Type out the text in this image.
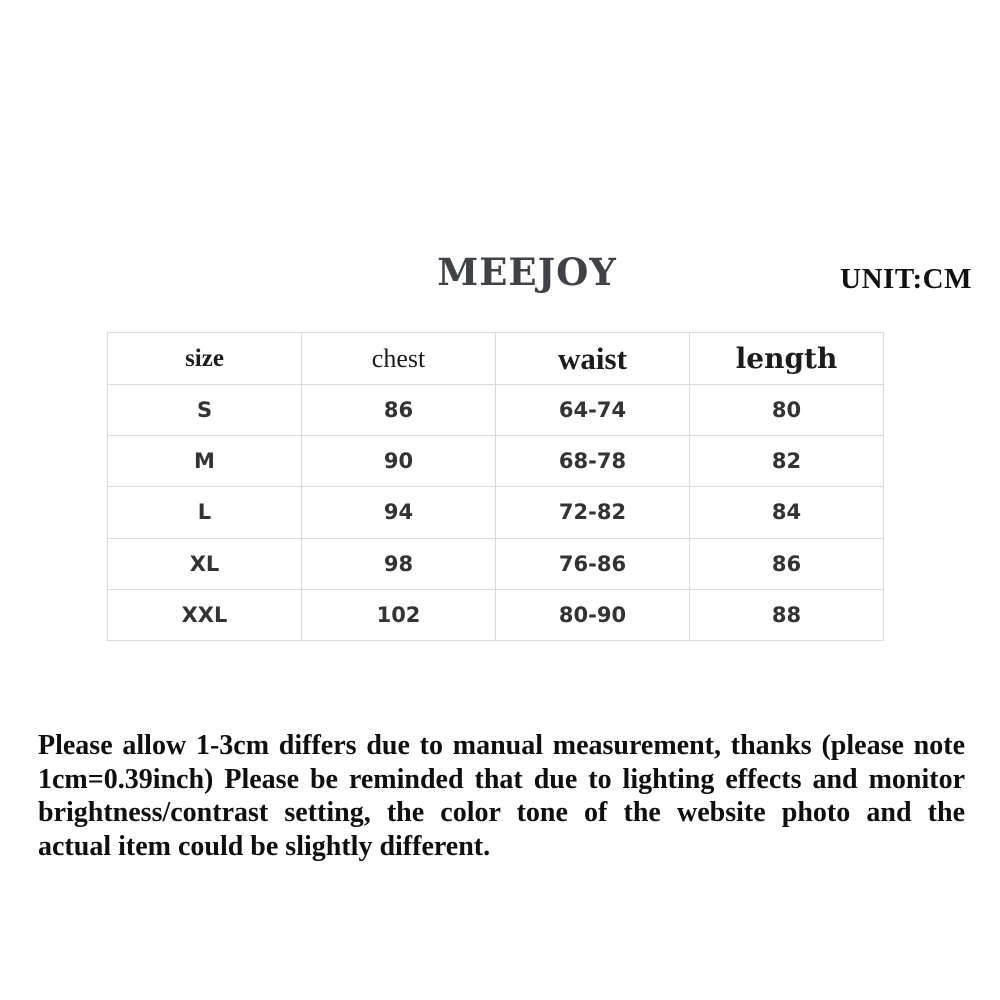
MEEJOY	UNIT:CM
size	chest	waist	length
S	86	64-74	80
M	90	68-78	82
L	94	72-82	84
XL	98	76-86	86
XXL	102	80-90	88
Please allow 1-3cm differs due to manual measurement, thanks (please note
1cm=0.39inch) Please be reminded that due to lighting effects and monitor
brightness/contrast setting, the color tone of the website photo and the
actual item could be slightly different.
